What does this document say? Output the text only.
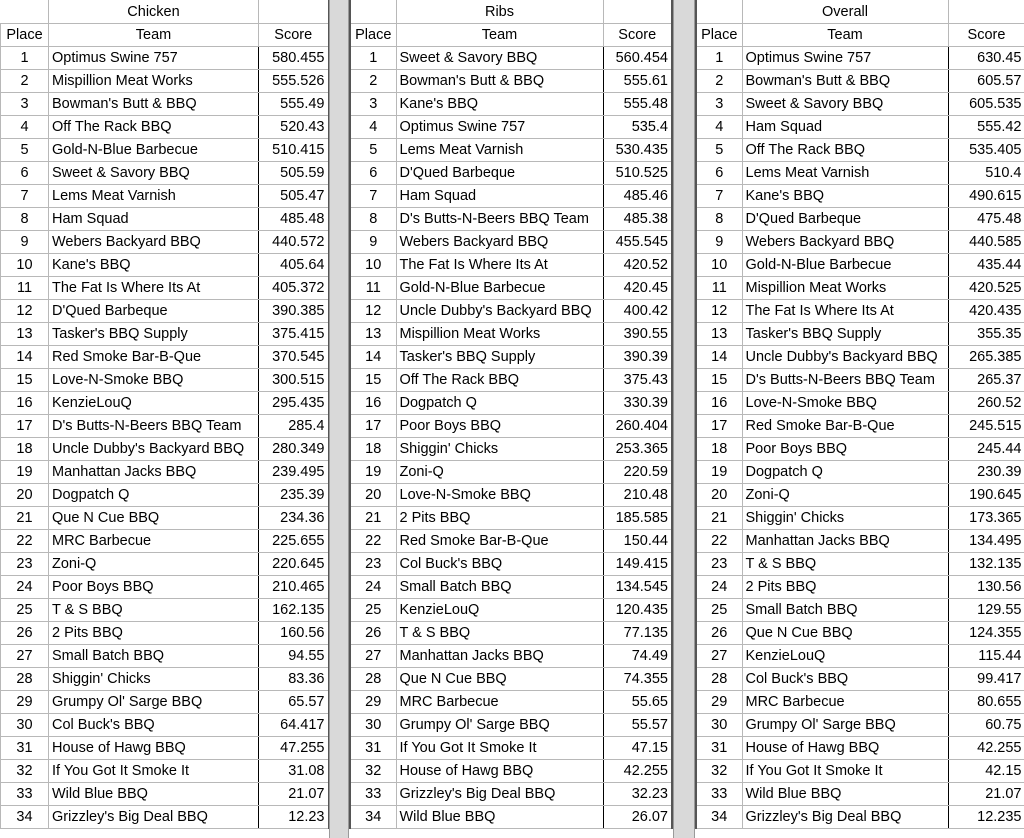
	Chicken	
Place	Team	Score
1	Optimus Swine 757	580.455
2	Mispillion Meat Works	555.526
3	Bowman's Butt & BBQ	555.49
4	Off The Rack BBQ	520.43
5	Gold-N-Blue Barbecue	510.415
6	Sweet & Savory BBQ	505.59
7	Lems Meat Varnish	505.47
8	Ham Squad	485.48
9	Webers Backyard BBQ	440.572
10	Kane's BBQ	405.64
11	The Fat Is Where Its At	405.372
12	D'Qued Barbeque	390.385
13	Tasker's BBQ Supply	375.415
14	Red Smoke Bar-B-Que	370.545
15	Love-N-Smoke BBQ	300.515
16	KenzieLouQ	295.435
17	D's Butts-N-Beers BBQ Team	285.4
18	Uncle Dubby's Backyard BBQ	280.349
19	Manhattan Jacks BBQ	239.495
20	Dogpatch Q	235.39
21	Que N Cue BBQ	234.36
22	MRC Barbecue	225.655
23	Zoni-Q	220.645
24	Poor Boys BBQ	210.465
25	T & S BBQ	162.135
26	2 Pits BBQ	160.56
27	Small Batch BBQ	94.55
28	Shiggin' Chicks	83.36
29	Grumpy Ol' Sarge BBQ	65.57
30	Col Buck's BBQ	64.417
31	House of Hawg BBQ	47.255
32	If You Got It Smoke It	31.08
33	Wild Blue BBQ	21.07
34	Grizzley's Big Deal BBQ	12.23
	Ribs	
Place	Team	Score
1	Sweet & Savory BBQ	560.454
2	Bowman's Butt & BBQ	555.61
3	Kane's BBQ	555.48
4	Optimus Swine 757	535.4
5	Lems Meat Varnish	530.435
6	D'Qued Barbeque	510.525
7	Ham Squad	485.46
8	D's Butts-N-Beers BBQ Team	485.38
9	Webers Backyard BBQ	455.545
10	The Fat Is Where Its At	420.52
11	Gold-N-Blue Barbecue	420.45
12	Uncle Dubby's Backyard BBQ	400.42
13	Mispillion Meat Works	390.55
14	Tasker's BBQ Supply	390.39
15	Off The Rack BBQ	375.43
16	Dogpatch Q	330.39
17	Poor Boys BBQ	260.404
18	Shiggin' Chicks	253.365
19	Zoni-Q	220.59
20	Love-N-Smoke BBQ	210.48
21	2 Pits BBQ	185.585
22	Red Smoke Bar-B-Que	150.44
23	Col Buck's BBQ	149.415
24	Small Batch BBQ	134.545
25	KenzieLouQ	120.435
26	T & S BBQ	77.135
27	Manhattan Jacks BBQ	74.49
28	Que N Cue BBQ	74.355
29	MRC Barbecue	55.65
30	Grumpy Ol' Sarge BBQ	55.57
31	If You Got It Smoke It	47.15
32	House of Hawg BBQ	42.255
33	Grizzley's Big Deal BBQ	32.23
34	Wild Blue BBQ	26.07
	Overall	
Place	Team	Score
1	Optimus Swine 757	630.45
2	Bowman's Butt & BBQ	605.57
3	Sweet & Savory BBQ	605.535
4	Ham Squad	555.42
5	Off The Rack BBQ	535.405
6	Lems Meat Varnish	510.4
7	Kane's BBQ	490.615
8	D'Qued Barbeque	475.48
9	Webers Backyard BBQ	440.585
10	Gold-N-Blue Barbecue	435.44
11	Mispillion Meat Works	420.525
12	The Fat Is Where Its At	420.435
13	Tasker's BBQ Supply	355.35
14	Uncle Dubby's Backyard BBQ	265.385
15	D's Butts-N-Beers BBQ Team	265.37
16	Love-N-Smoke BBQ	260.52
17	Red Smoke Bar-B-Que	245.515
18	Poor Boys BBQ	245.44
19	Dogpatch Q	230.39
20	Zoni-Q	190.645
21	Shiggin' Chicks	173.365
22	Manhattan Jacks BBQ	134.495
23	T & S BBQ	132.135
24	2 Pits BBQ	130.56
25	Small Batch BBQ	129.55
26	Que N Cue BBQ	124.355
27	KenzieLouQ	115.44
28	Col Buck's BBQ	99.417
29	MRC Barbecue	80.655
30	Grumpy Ol' Sarge BBQ	60.75
31	House of Hawg BBQ	42.255
32	If You Got It Smoke It	42.15
33	Wild Blue BBQ	21.07
34	Grizzley's Big Deal BBQ	12.235
